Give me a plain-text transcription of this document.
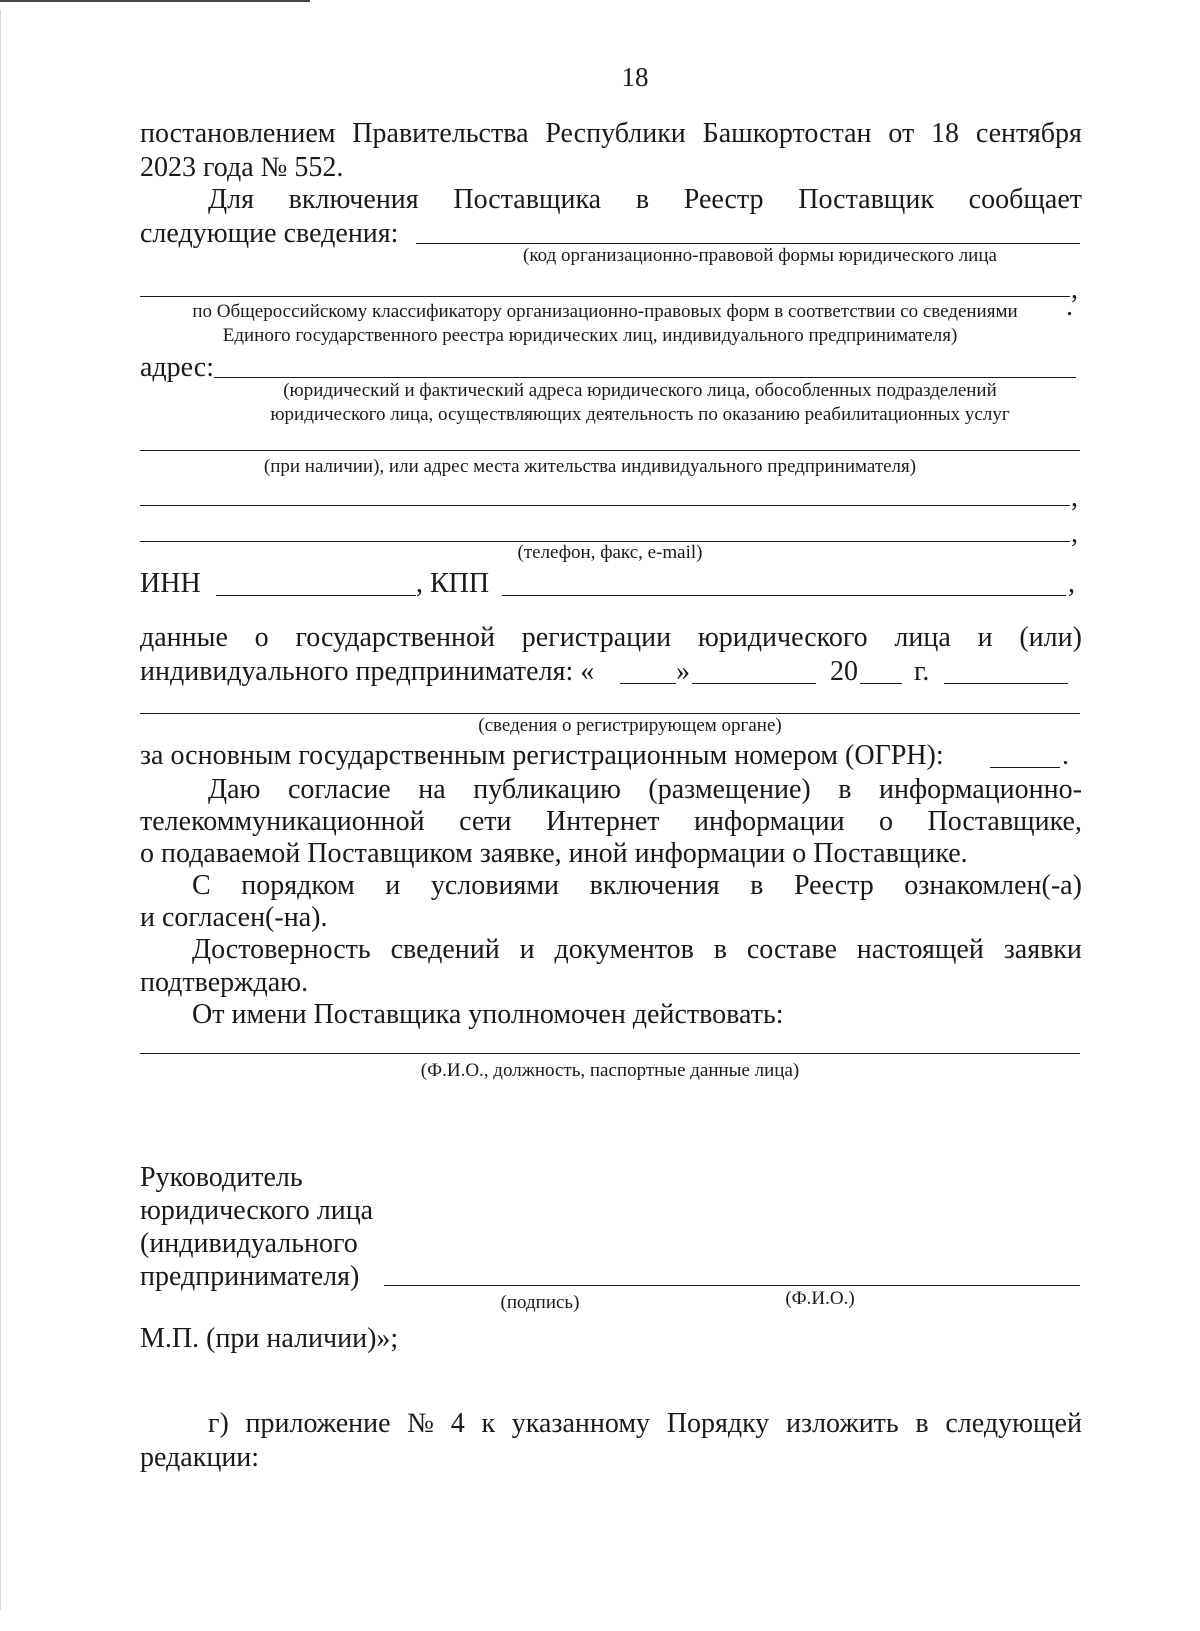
18
постановлением Правительства Республики Башкортостан от 18 сентября
2023 года № 552.
Для включения Поставщика в Реестр Поставщик сообщает
следующие сведения:
(код организационно-правовой формы юридического лица
,
по Общероссийскому классификатору организационно-правовых форм в соответствии со сведениями	.
Единого государственного реестра юридических лиц, индивидуального предпринимателя)
адрес:
(юридический и фактический адреса юридического лица, обособленных подразделений
юридического лица, осуществляющих деятельность по оказанию реабилитационных услуг
(при наличии), или адрес места жительства индивидуального предпринимателя)
,
,
(телефон, факс, e-mail)
ИНН	, КПП	,
данные о государственной регистрации юридического лица и (или)
индивидуального предпринимателя: «	»	20 г.
(сведения о регистрирующем органе)
за основным государственным регистрационным номером (ОГРН):	.
Даю согласие на публикацию (размещение) в информационно-
телекоммуникационной сети Интернет информации о Поставщике,
о подаваемой Поставщиком заявке, иной информации о Поставщике.
С порядком и условиями включения в Реестр ознакомлен(-а)
и согласен(-на).
Достоверность сведений и документов в составе настоящей заявки
подтверждаю.
От имени Поставщика уполномочен действовать:
(Ф.И.О., должность, паспортные данные лица)
Руководитель
юридического лица
(индивидуального
предпринимателя)
(подпись)	(Ф.И.О.)
М.П. (при наличии)»;
г) приложение № 4 к указанному Порядку изложить в следующей
редакции:
